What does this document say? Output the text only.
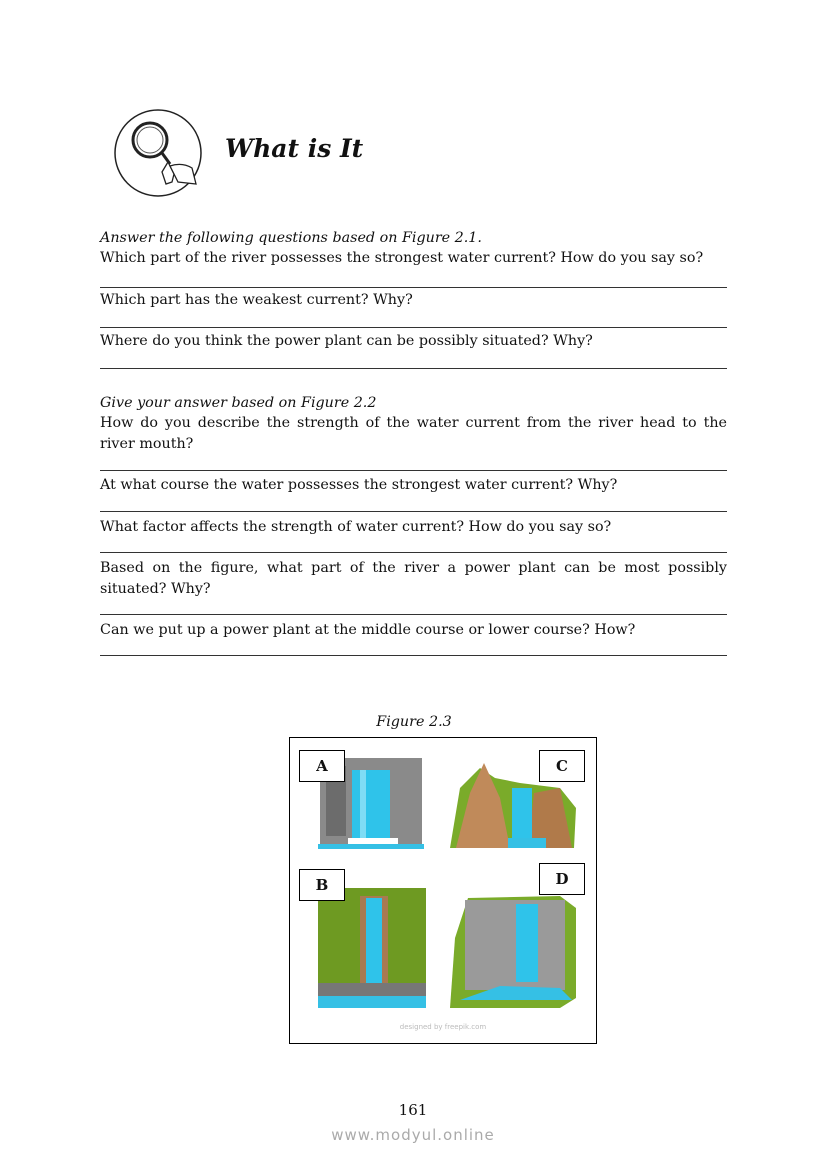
What is It
Answer the following questions based on Figure 2.1.
Which part of the river possesses the strongest water current? How do you say so?
Which part has the weakest current? Why?
Where do you think the power plant can be possibly situated? Why?
Give your answer based on Figure 2.2
How do you describe the strength of the water current from the river head to the river mouth?
At what course the water possesses the strongest water current? Why?
What factor affects the strength of water current? How do you say so?
Based on the figure, what part of the river a power plant can be most possibly situated? Why?
Can we put up a power plant at the middle course or lower course? How?
Figure 2.3
A
B
C
D
designed by freepik.com
161
www.modyul.online
